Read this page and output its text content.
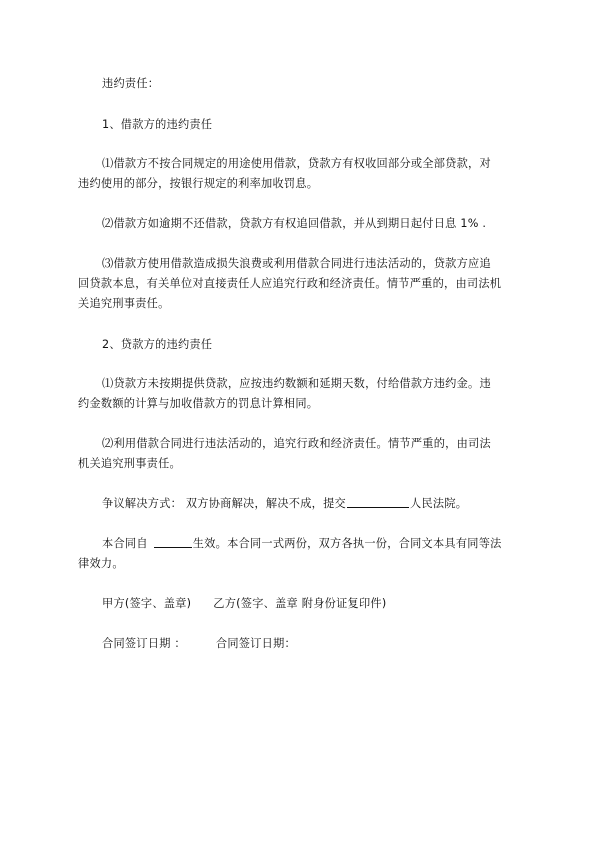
违约责任：

1、借款方的违约责任

⑴借款方不按合同规定的用途使用借款，贷款方有权收回部分或全部贷款，对
违约使用的部分，按银行规定的利率加收罚息。

⑵借款方如逾期不还借款，贷款方有权追回借款，并从到期日起付日息 1% .

⑶借款方使用借款造成损失浪费或利用借款合同进行违法活动的，贷款方应追
回贷款本息，有关单位对直接责任人应追究行政和经济责任。情节严重的，由司法机
关追究刑事责任。

2、贷款方的违约责任

⑴贷款方未按期提供贷款，应按违约数额和延期天数，付给借款方违约金。违
约金数额的计算与加收借款方的罚息计算相同。
⑵利用借款合同进行违法活动的，追究行政和经济责任。情节严重的，由司法
机关追究刑事责任。

争议解决方式： 双方协商解决，解决不成，提交	人民法院。

本合同自	生效。本合同一式两份，双方各执一份，合同文本具有同等法
律效力。

甲方(签字、盖章) 乙方(签字、盖章 附身份证复印件)

合同签订日期 ：	合同签订日期：
